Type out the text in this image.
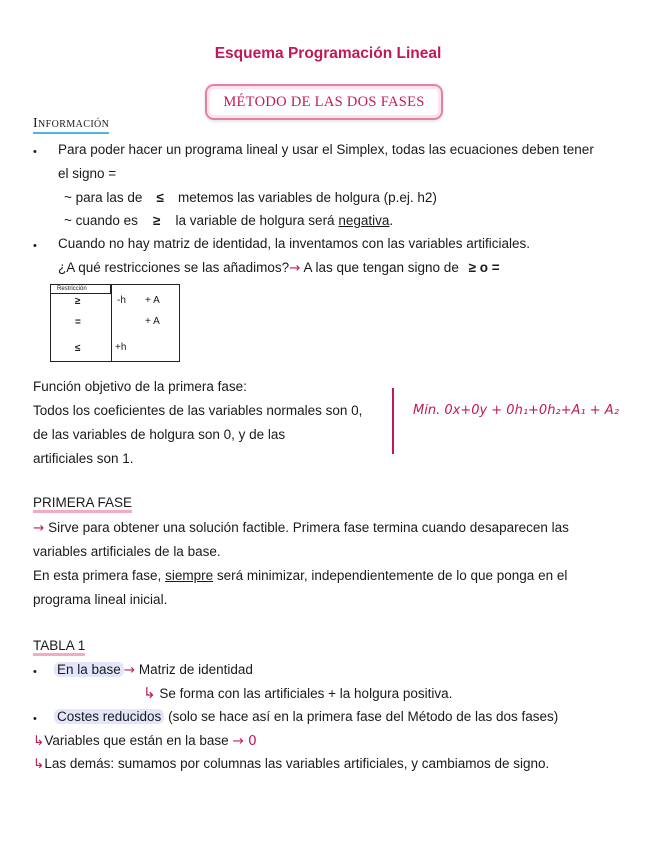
Esquema Programación Lineal
MÉTODO DE LAS DOS FASES
Información
• Para poder hacer un programa lineal y usar el Simplex, todas las ecuaciones deben tener
el signo =
~ para las de ≤ metemos las variables de holgura (p.ej. h2)
~ cuando es ≥ la variable de holgura será negativa.
• Cuando no hay matriz de identidad, la inventamos con las variables artificiales.
¿A qué restricciones se las añadimos?→ A las que tengan signo de ≥ o =
Restricción
≥	-h + A
=	+ A
≤	+h
Función objetivo de la primera fase:
Todos los coeficientes de las variables normales son 0,
de las variables de holgura son 0, y de las
artificiales son 1.
Min. 0x+0y + 0h₁+0h₂+A₁ + A₂
PRIMERA FASE
→ Sirve para obtener una solución factible. Primera fase termina cuando desaparecen las
variables artificiales de la base.
En esta primera fase, siempre será minimizar, independientemente de lo que ponga en el
programa lineal inicial.
TABLA 1
• En la base → Matriz de identidad
↳ Se forma con las artificiales + la holgura positiva.
• Costes reducidos (solo se hace así en la primera fase del Método de las dos fases)
↳Variables que están en la base → 0
↳Las demás: sumamos por columnas las variables artificiales, y cambiamos de signo.
